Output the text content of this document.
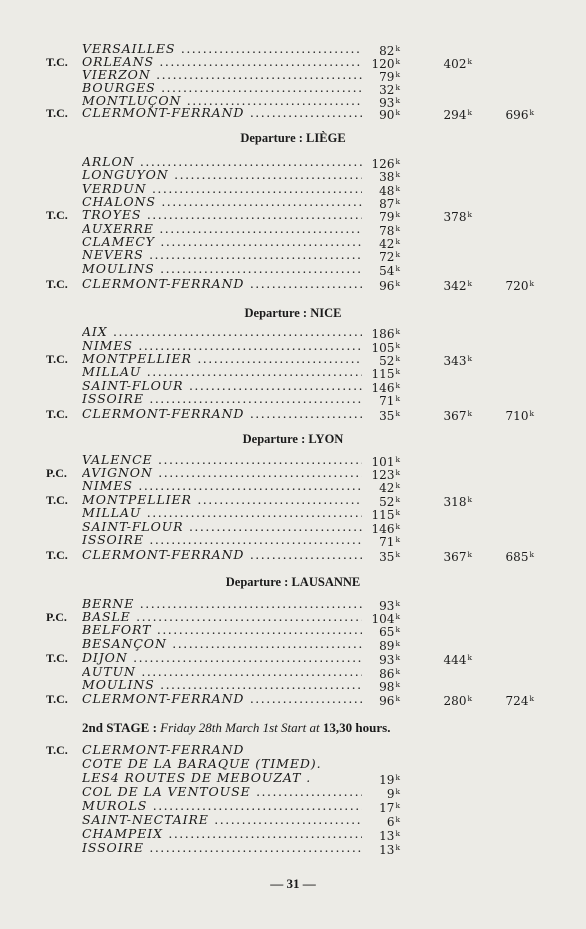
Departure : LIÈGE
Departure : NICE
Departure : LYON
Departure : LAUSANNE
2nd STAGE : Friday 28th March 1st Start at 13,30 hours.
— 31 —
VERSAILLES .....	82$^k$
T.C. ORLEANS .....	120$^k$	402$^k$
VIERZON .....	79$^k$
BOURGES .....	32$^k$
MONTLUÇON .....	93$^k$
T.C. CLERMONT-FERRAND .....	90$^k$	294$^k$	696$^k$
ARLON .....	126$^k$
LONGUYON .....	38$^k$
VERDUN .....	48$^k$
CHALONS .....	87$^k$
T.C. TROYES .....	79$^k$	378$^k$
AUXERRE .....	78$^k$
CLAMECY .....	42$^k$
NEVERS .....	72$^k$
MOULINS .....	54$^k$
T.C. CLERMONT-FERRAND .....	96$^k$	342$^k$	720$^k$
AIX .....	186$^k$
NIMES .....	105$^k$
T.C. MONTPELLIER .....	52$^k$	343$^k$
MILLAU .....	115$^k$
SAINT-FLOUR .....	146$^k$
ISSOIRE .....	71$^k$
T.C. CLERMONT-FERRAND .....	35$^k$	367$^k$	710$^k$
VALENCE .....	101$^k$
P.C. AVIGNON .....	123$^k$
NIMES .....	42$^k$
T.C. MONTPELLIER .....	52$^k$	318$^k$
MILLAU .....	115$^k$
SAINT-FLOUR .....	146$^k$
ISSOIRE .....	71$^k$
T.C. CLERMONT-FERRAND .....	35$^k$	367$^k$	685$^k$
BERNE .....	93$^k$
P.C. BASLE .....	104$^k$
BELFORT .....	65$^k$
BESANÇON .....	89$^k$
T.C. DIJON .....	93$^k$	444$^k$
AUTUN .....	86$^k$
MOULINS .....	98$^k$
T.C. CLERMONT-FERRAND .....	96$^k$	280$^k$	724$^k$
T.C. CLERMONT-FERRAND
COTE DE LA BARAQUE (TIMED).
LES4 ROUTES DE MEBOUZAT .	19$^k$
COL DE LA VENTOUSE .....	9$^k$
MUROLS .....	17$^k$
SAINT-NECTAIRE .....	6$^k$
CHAMPEIX .....	13$^k$
ISSOIRE .....	13$^k$
